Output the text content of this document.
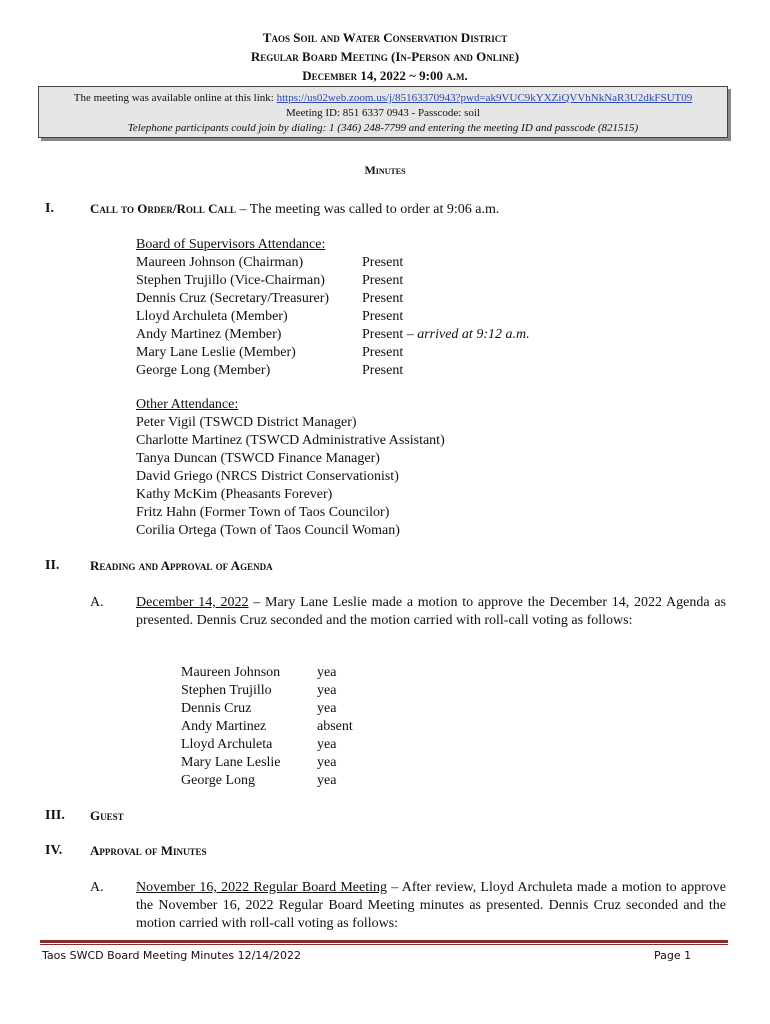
Taos Soil and Water Conservation District
Regular Board Meeting (In-Person and Online)
December 14, 2022 ~ 9:00 a.m.
The meeting was available online at this link: https://us02web.zoom.us/j/85163370943?pwd=ak9VUC9kYXZiQVVhNkNaR3U2dkFSUT09
Meeting ID: 851 6337 0943 - Passcode: soil
Telephone participants could join by dialing: 1 (346) 248-7799 and entering the meeting ID and passcode (821515)
Minutes
I.	Call to Order/Roll Call – The meeting was called to order at 9:06 a.m.
Board of Supervisors Attendance:
Maureen Johnson (Chairman)	Present
Stephen Trujillo (Vice-Chairman)	Present
Dennis Cruz (Secretary/Treasurer)	Present
Lloyd Archuleta (Member)	Present
Andy Martinez (Member)	Present – arrived at 9:12 a.m.
Mary Lane Leslie (Member)	Present
George Long (Member)	Present
Other Attendance:
Peter Vigil (TSWCD District Manager)
Charlotte Martinez (TSWCD Administrative Assistant)
Tanya Duncan (TSWCD Finance Manager)
David Griego (NRCS District Conservationist)
Kathy McKim (Pheasants Forever)
Fritz Hahn (Former Town of Taos Councilor)
Corilia Ortega (Town of Taos Council Woman)
II. Reading and Approval of Agenda
A. December 14, 2022 – Mary Lane Leslie made a motion to approve the December 14, 2022 Agenda as presented. Dennis Cruz seconded and the motion carried with roll-call voting as follows:
Maureen Johnson	yea
Stephen Trujillo	yea
Dennis Cruz	yea
Andy Martinez	absent
Lloyd Archuleta	yea
Mary Lane Leslie	yea
George Long	yea
III. Guest
IV. Approval of Minutes
A. November 16, 2022 Regular Board Meeting – After review, Lloyd Archuleta made a motion to approve the November 16, 2022 Regular Board Meeting minutes as presented. Dennis Cruz seconded and the motion carried with roll-call voting as follows:
Taos SWCD Board Meeting Minutes 12/14/2022	Page 1
